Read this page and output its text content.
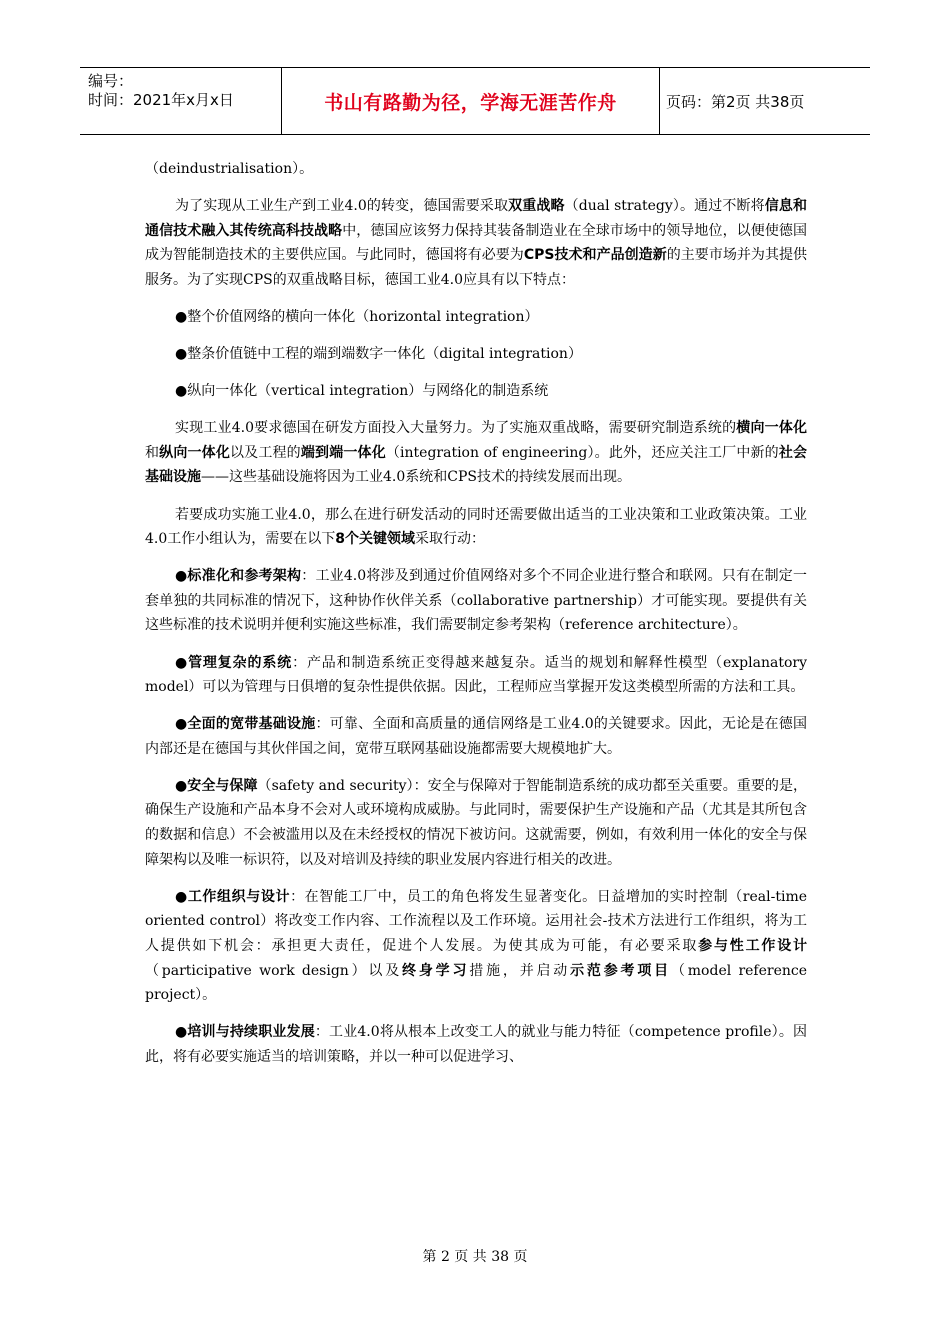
编号：
时间：2021年x月x日	书山有路勤为径，学海无涯苦作舟	页码：第2页 共38页

（deindustrialisation）。

为了实现从工业生产到工业4.0的转变，德国需要采取双重战略（dual strategy）。通过不断将信息和通信技术融入其传统高科技战略中，德国应该努力保持其装备制造业在全球市场中的领导地位，以便使德国成为智能制造技术的主要供应国。与此同时，德国将有必要为CPS技术和产品创造新的主要市场并为其提供服务。为了实现CPS的双重战略目标，德国工业4.0应具有以下特点：

●整个价值网络的横向一体化（horizontal integration）

●整条价值链中工程的端到端数字一体化（digital integration）

●纵向一体化（vertical integration）与网络化的制造系统

实现工业4.0要求德国在研发方面投入大量努力。为了实施双重战略，需要研究制造系统的横向一体化和纵向一体化以及工程的端到端一体化（integration of engineering）。此外，还应关注工厂中新的社会基础设施——这些基础设施将因为工业4.0系统和CPS技术的持续发展而出现。

若要成功实施工业4.0，那么在进行研发活动的同时还需要做出适当的工业决策和工业政策决策。工业4.0工作小组认为，需要在以下8个关键领域采取行动：

●标准化和参考架构：工业4.0将涉及到通过价值网络对多个不同企业进行整合和联网。只有在制定一套单独的共同标准的情况下，这种协作伙伴关系（collaborative partnership）才可能实现。要提供有关这些标准的技术说明并便利实施这些标准，我们需要制定参考架构（reference architecture）。

●管理复杂的系统：产品和制造系统正变得越来越复杂。适当的规划和解释性模型（explanatory model）可以为管理与日俱增的复杂性提供依据。因此，工程师应当掌握开发这类模型所需的方法和工具。

●全面的宽带基础设施：可靠、全面和高质量的通信网络是工业4.0的关键要求。因此，无论是在德国内部还是在德国与其伙伴国之间，宽带互联网基础设施都需要大规模地扩大。

●安全与保障（safety and security）：安全与保障对于智能制造系统的成功都至关重要。重要的是，确保生产设施和产品本身不会对人或环境构成威胁。与此同时，需要保护生产设施和产品（尤其是其所包含的数据和信息）不会被滥用以及在未经授权的情况下被访问。这就需要，例如，有效利用一体化的安全与保障架构以及唯一标识符，以及对培训及持续的职业发展内容进行相关的改进。

●工作组织与设计：在智能工厂中，员工的角色将发生显著变化。日益增加的实时控制（real-time oriented control）将改变工作内容、工作流程以及工作环境。运用社会-技术方法进行工作组织，将为工人提供如下机会：承担更大责任，促进个人发展。为使其成为可能，有必要采取参与性工作设计（participative work design）以及终身学习措施，并启动示范参考项目（model reference project）。

●培训与持续职业发展：工业4.0将从根本上改变工人的就业与能力特征（competence profile）。因此，将有必要实施适当的培训策略，并以一种可以促进学习、

第 2 页 共 38 页
